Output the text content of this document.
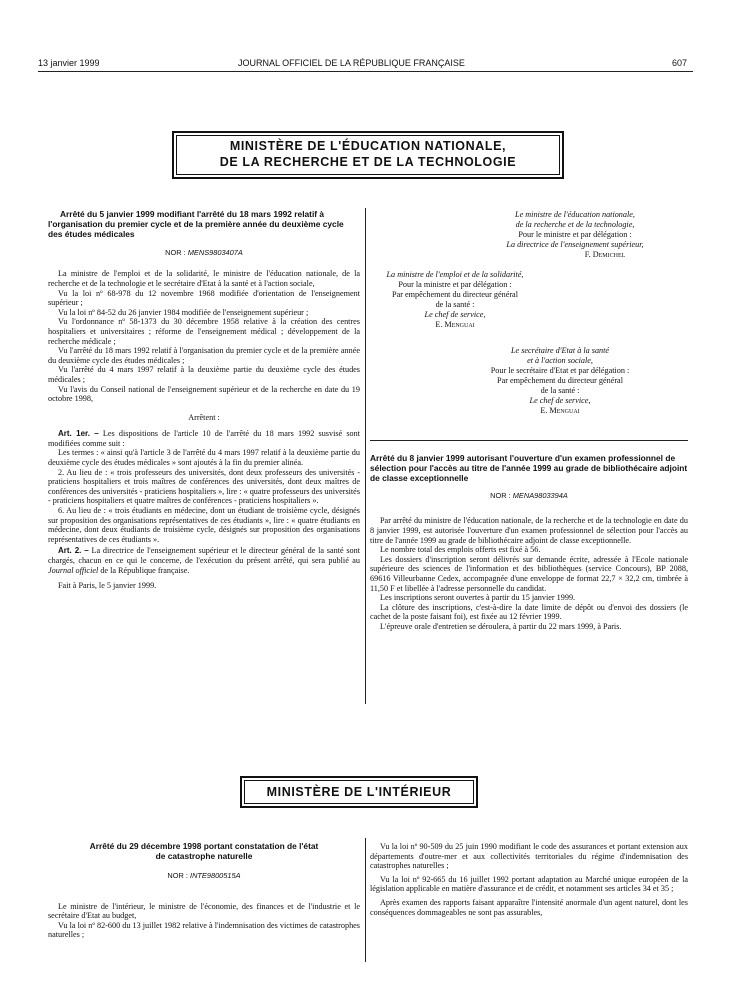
13 janvier 1999	JOURNAL OFFICIEL DE LA RÉPUBLIQUE FRANÇAISE	607
MINISTÈRE DE L'ÉDUCATION NATIONALE,
DE LA RECHERCHE ET DE LA TECHNOLOGIE
Arrêté du 5 janvier 1999 modifiant l'arrêté du 18 mars 1992 relatif à l'organisation du premier cycle et de la première année du deuxième cycle des études médicales
NOR : MENS9803407A

La ministre de l'emploi et de la solidarité, le ministre de l'éducation nationale, de la recherche et de la technologie et le secrétaire d'Etat à la santé et à l'action sociale,

Vu la loi nº 68-978 du 12 novembre 1968 modifiée d'orientation de l'enseignement supérieur ;

Vu la loi nº 84-52 du 26 janvier 1984 modifiée de l'enseignement supérieur ;

Vu l'ordonnance nº 58-1373 du 30 décembre 1958 relative à la création des centres hospitaliers et universitaires ; réforme de l'enseignement médical ; développement de la recherche médicale ;

Vu l'arrêté du 18 mars 1992 relatif à l'organisation du premier cycle et de la première année du deuxième cycle des études médicales ;

Vu l'arrêté du 4 mars 1997 relatif à la deuxième partie du deuxième cycle des études médicales ;

Vu l'avis du Conseil national de l'enseignement supérieur et de la recherche en date du 19 octobre 1998,

Arrêtent :

Art. 1er. – Les dispositions de l'article 10 de l'arrêté du 18 mars 1992 susvisé sont modifiées comme suit :

Les termes : « ainsi qu'à l'article 3 de l'arrêté du 4 mars 1997 relatif à la deuxième partie du deuxième cycle des études médicales » sont ajoutés à la fin du premier alinéa.

2. Au lieu de : « trois professeurs des universités, dont deux professeurs des universités - praticiens hospitaliers et trois maîtres de conférences des universités, dont deux maîtres de conférences des universités - praticiens hospitaliers », lire : « quatre professeurs des universités - praticiens hospitaliers et quatre maîtres de conférences - praticiens hospitaliers ».

6. Au lieu de : « trois étudiants en médecine, dont un étudiant de troisième cycle, désignés sur proposition des organisations représentatives de ces étudiants », lire : « quatre étudiants en médecine, dont deux étudiants de troisième cycle, désignés sur proposition des organisations représentatives de ces étudiants ».

Art. 2. – La directrice de l'enseignement supérieur et le directeur général de la santé sont chargés, chacun en ce qui le concerne, de l'exécution du présent arrêté, qui sera publié au Journal officiel de la République française.

Fait à Paris, le 5 janvier 1999.

Le ministre de l'éducation nationale,
de la recherche et de la technologie,
Pour le ministre et par délégation :
La directrice de l'enseignement supérieur,
F. Demichel
La ministre de l'emploi et de la solidarité,
Pour la ministre et par délégation :
Par empêchement du directeur général
de la santé :
Le chef de service,
E. Menguai
Le secrétaire d'Etat à la santé
et à l'action sociale,
Pour le secrétaire d'Etat et par délégation :
Par empêchement du directeur général
de la santé :
Le chef de service,
E. Menguai
Arrêté du 8 janvier 1999 autorisant l'ouverture d'un examen professionnel de sélection pour l'accès au titre de l'année 1999 au grade de bibliothécaire adjoint de classe exceptionnelle
NOR : MENA9803394A

Par arrêté du ministre de l'éducation nationale, de la recherche et de la technologie en date du 8 janvier 1999, est autorisée l'ouverture d'un examen professionnel de sélection pour l'accès au titre de l'année 1999 au grade de bibliothécaire adjoint de classe exceptionnelle.

Le nombre total des emplois offerts est fixé à 56.

Les dossiers d'inscription seront délivrés sur demande écrite, adressée à l'Ecole nationale supérieure des sciences de l'information et des bibliothèques (service Concours), BP 2088, 69616 Villeurbanne Cedex, accompagnée d'une enveloppe de format 22,7 × 32,2 cm, timbrée à 11,50 F et libellée à l'adresse personnelle du candidat.

Les inscriptions seront ouvertes à partir du 15 janvier 1999.

La clôture des inscriptions, c'est-à-dire la date limite de dépôt ou d'envoi des dossiers (le cachet de la poste faisant foi), est fixée au 12 février 1999.

L'épreuve orale d'entretien se déroulera, à partir du 22 mars 1999, à Paris.

MINISTÈRE DE L'INTÉRIEUR
Arrêté du 29 décembre 1998 portant constatation de l'état de catastrophe naturelle
NOR : INTE9800515A

Le ministre de l'intérieur, le ministre de l'économie, des finances et de l'industrie et le secrétaire d'Etat au budget,

Vu la loi nº 82-600 du 13 juillet 1982 relative à l'indemnisation des victimes de catastrophes naturelles ;

Vu la loi nº 90-509 du 25 juin 1990 modifiant le code des assurances et portant extension aux départements d'outre-mer et aux collectivités territoriales du régime d'indemnisation des catastrophes naturelles ;

Vu la loi nº 92-665 du 16 juillet 1992 portant adaptation au Marché unique européen de la législation applicable en matière d'assurance et de crédit, et notamment ses articles 34 et 35 ;

Après examen des rapports faisant apparaître l'intensité anormale d'un agent naturel, dont les conséquences dommageables ne sont pas assurables,
